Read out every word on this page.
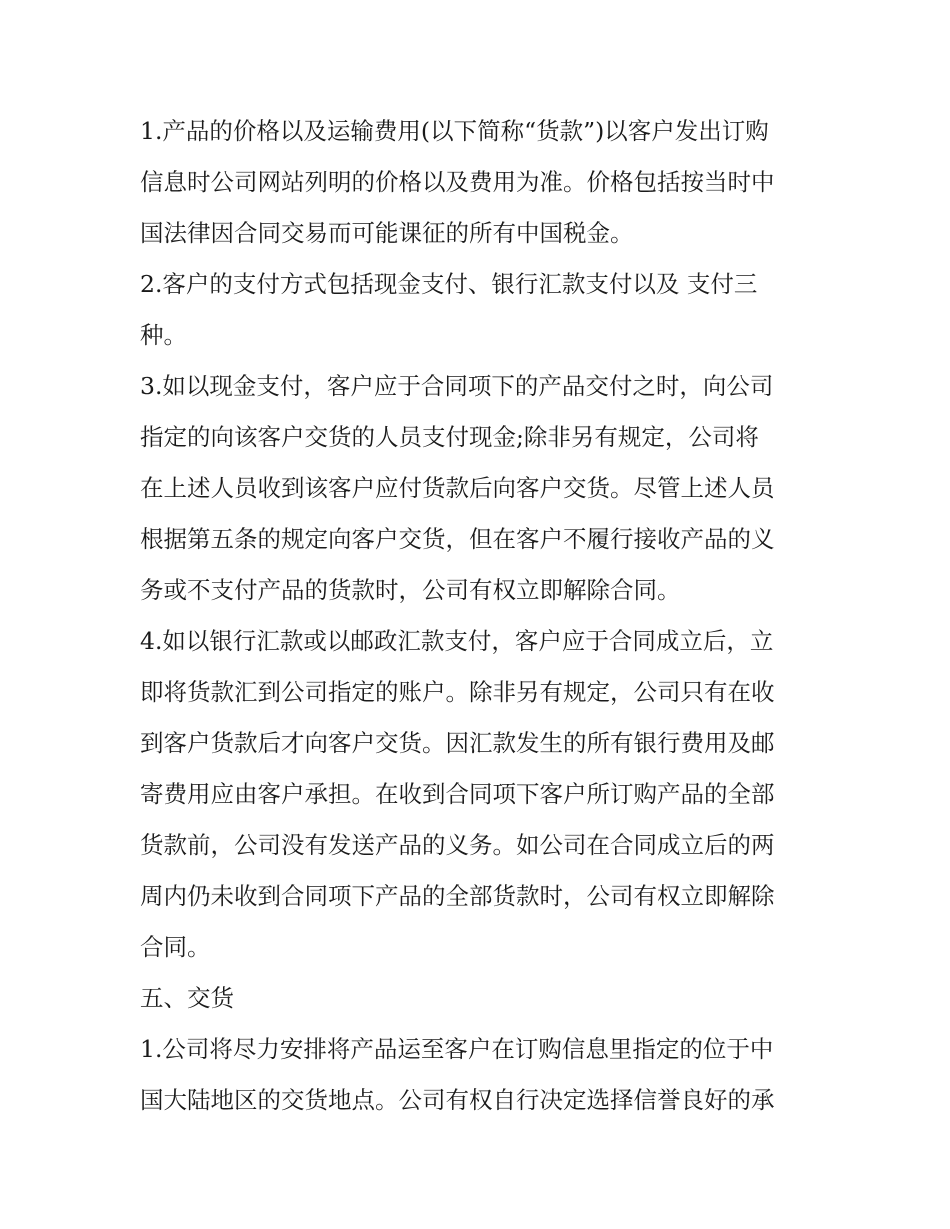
1.产品的价格以及运输费用(以下简称“货款”)以客户发出订购
信息时公司网站列明的价格以及费用为准。价格包括按当时中
国法律因合同交易而可能课征的所有中国税金。
2.客户的支付方式包括现金支付、银行汇款支付以及 支付三
种。
3.如以现金支付，客户应于合同项下的产品交付之时，向公司
指定的向该客户交货的人员支付现金;除非另有规定，公司将
在上述人员收到该客户应付货款后向客户交货。尽管上述人员
根据第五条的规定向客户交货，但在客户不履行接收产品的义
务或不支付产品的货款时，公司有权立即解除合同。
4.如以银行汇款或以邮政汇款支付，客户应于合同成立后，立
即将货款汇到公司指定的账户。除非另有规定，公司只有在收
到客户货款后才向客户交货。因汇款发生的所有银行费用及邮
寄费用应由客户承担。在收到合同项下客户所订购产品的全部
货款前，公司没有发送产品的义务。如公司在合同成立后的两
周内仍未收到合同项下产品的全部货款时，公司有权立即解除
合同。
五、交货
1.公司将尽力安排将产品运至客户在订购信息里指定的位于中
国大陆地区的交货地点。公司有权自行决定选择信誉良好的承
